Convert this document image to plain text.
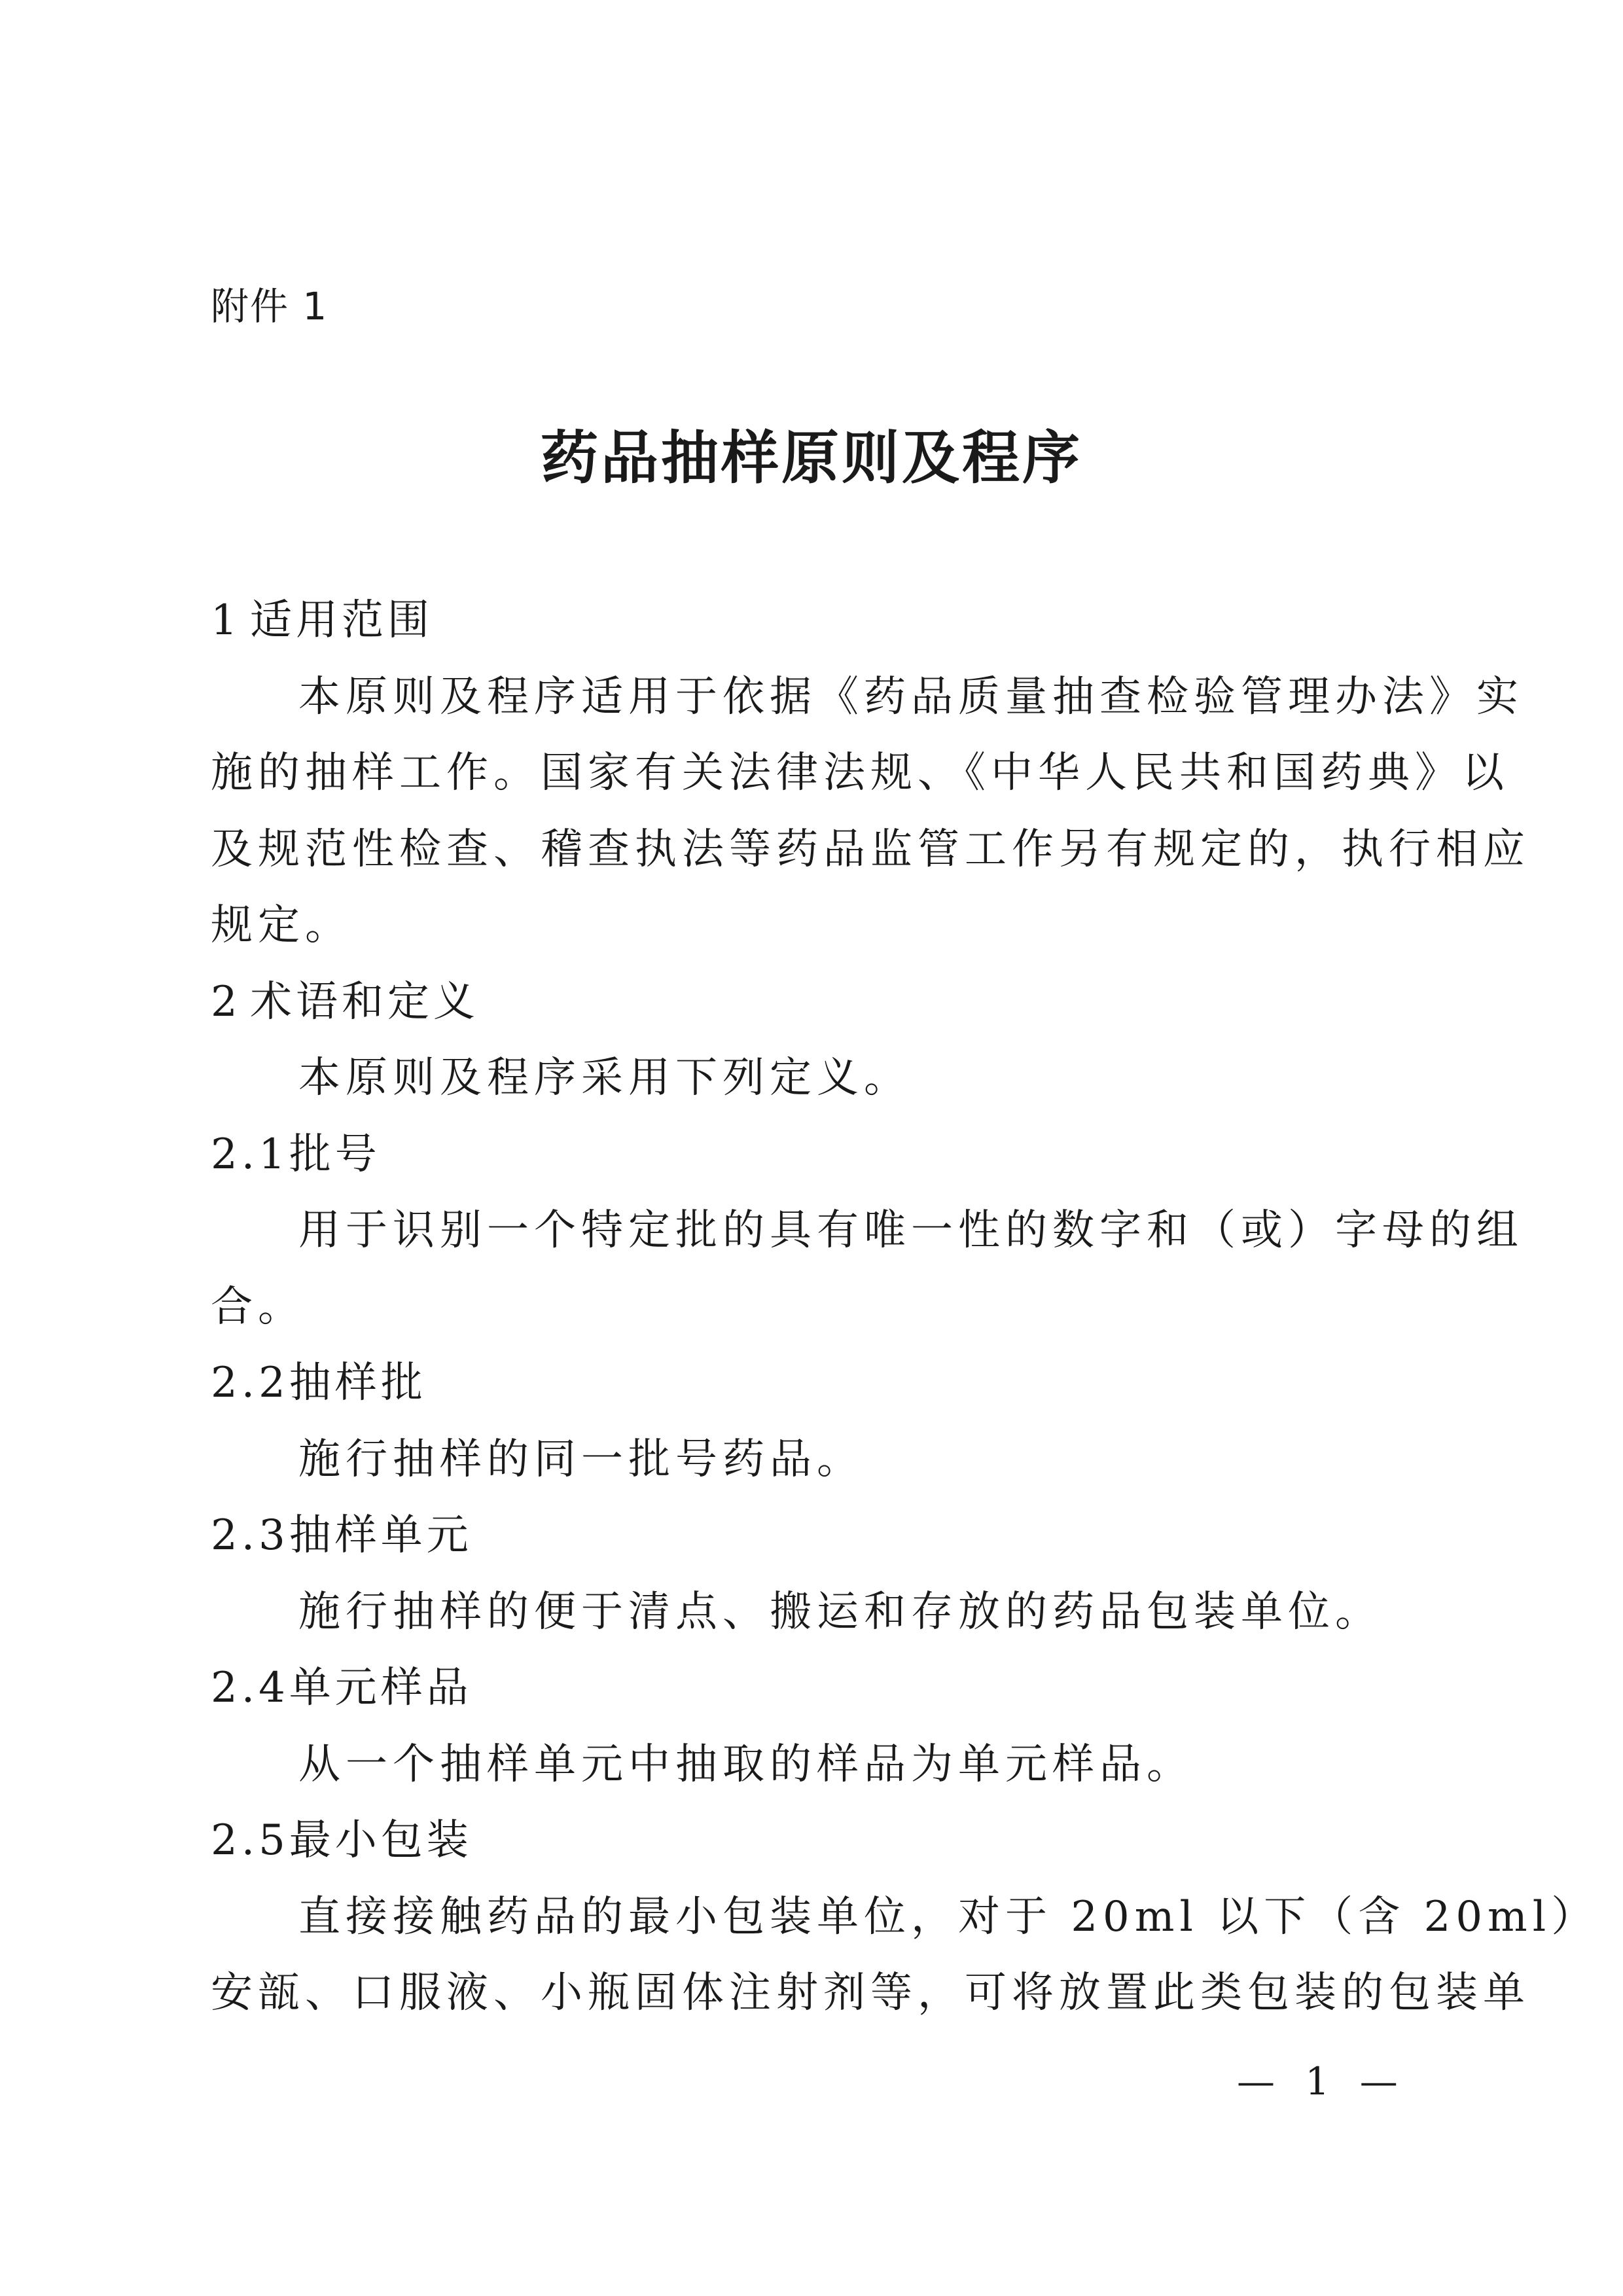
附件 1
药品抽样原则及程序
1 适用范围
本原则及程序适用于依据《药品质量抽查检验管理办法》实
施的抽样工作。国家有关法律法规、《中华人民共和国药典》以
及规范性检查、稽查执法等药品监管工作另有规定的，执行相应
规定。
2 术语和定义
本原则及程序采用下列定义。
2.1批号
用于识别一个特定批的具有唯一性的数字和（或）字母的组
合。
2.2抽样批
施行抽样的同一批号药品。
2.3抽样单元
施行抽样的便于清点、搬运和存放的药品包装单位。
2.4单元样品
从一个抽样单元中抽取的样品为单元样品。
2.5最小包装
直接接触药品的最小包装单位，对于 20ml 以下（含 20ml）
安瓿、口服液、小瓶固体注射剂等，可将放置此类包装的包装单
— 1 —
